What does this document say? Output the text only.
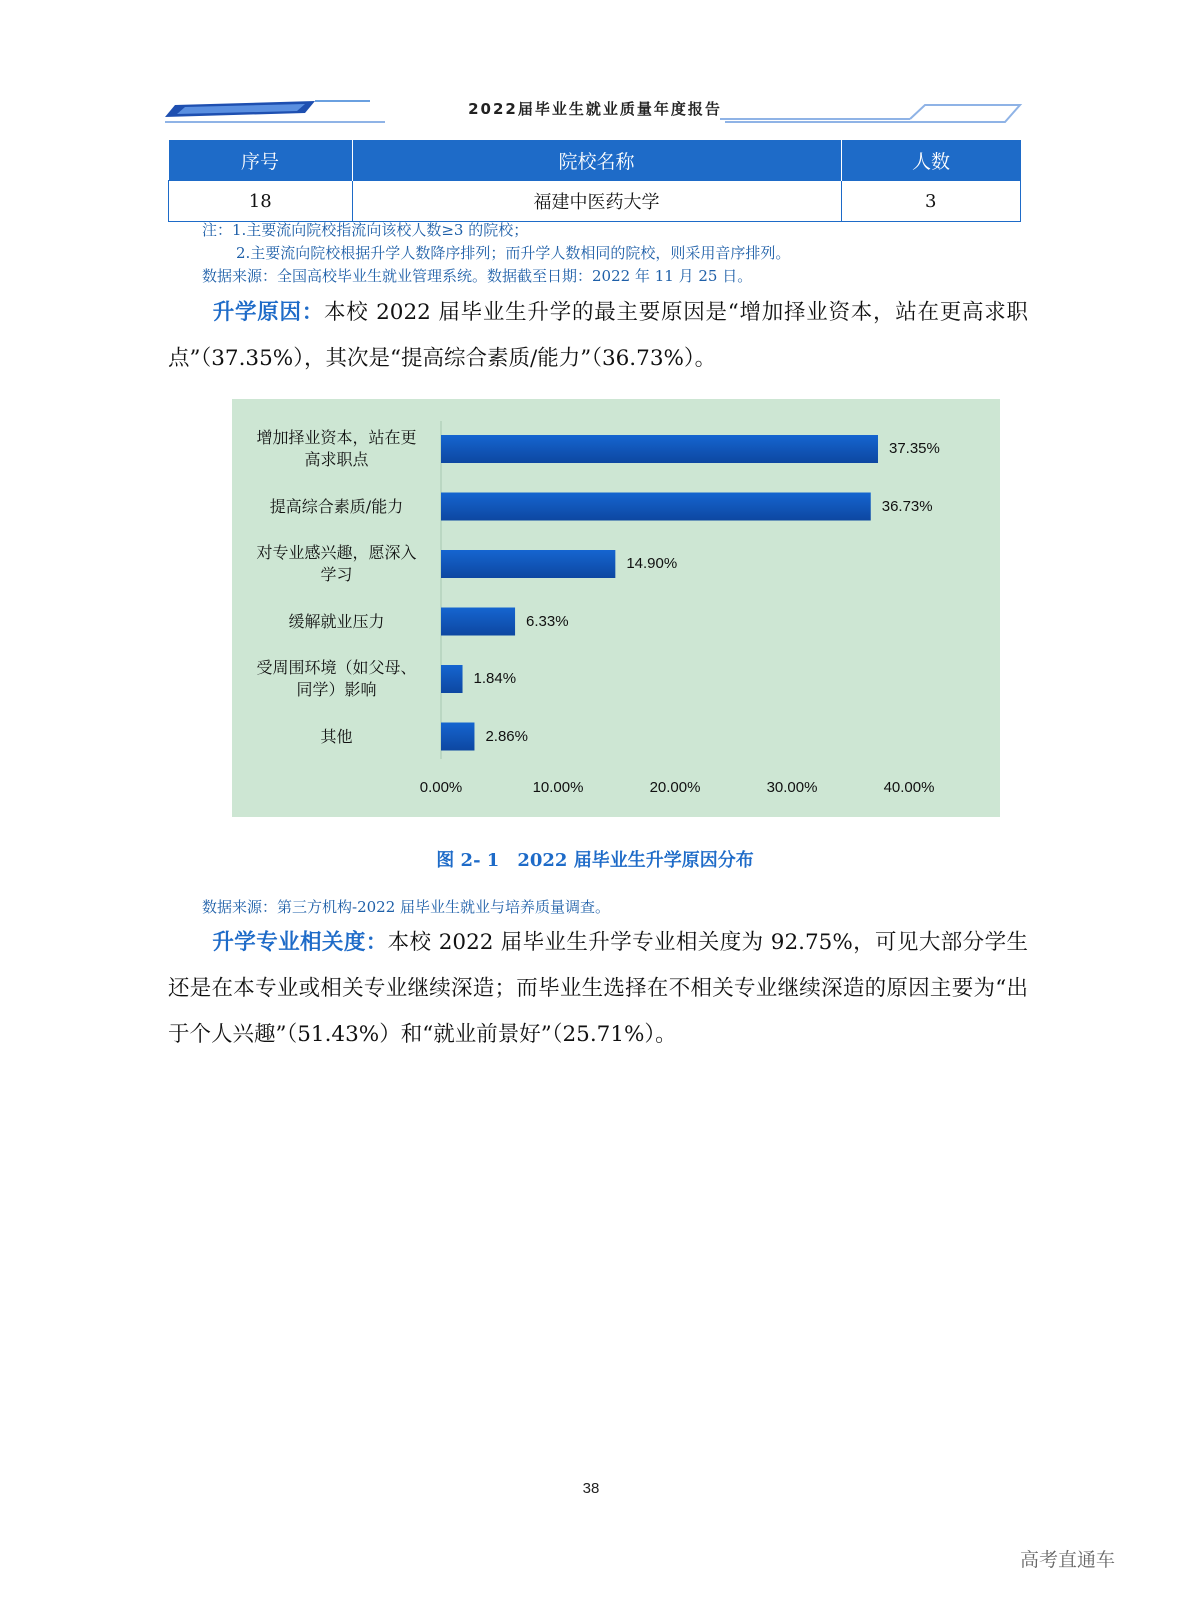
2022届毕业生就业质量年度报告
序号	院校名称	人数
18	福建中医药大学	3
注：1.主要流向院校指流向该校人数≥3 的院校；
2.主要流向院校根据升学人数降序排列；而升学人数相同的院校，则采用音序排列。
数据来源：全国高校毕业生就业管理系统。数据截至日期：2022 年 11 月 25 日。
升学原因：本校 2022 届毕业生升学的最主要原因是“增加择业资本，站在更高求职点”（37.35%），其次是“提高综合素质/能力”（36.73%）。
37.35%
增加择业资本，站在更
高求职点
36.73%
提高综合素质/能力
14.90%
对专业感兴趣，愿深入
学习
6.33%
缓解就业压力
1.84%
受周围环境（如父母、
同学）影响
2.86%
其他
0.00%	10.00%	20.00%	30.00%	40.00%
图 2- 1　2022 届毕业生升学原因分布
数据来源：第三方机构-2022 届毕业生就业与培养质量调查。
升学专业相关度：本校 2022 届毕业生升学专业相关度为 92.75%，可见大部分学生还是在本专业或相关专业继续深造；而毕业生选择在不相关专业继续深造的原因主要为“出于个人兴趣”（51.43%）和“就业前景好”（25.71%）。
38
高考直通车
